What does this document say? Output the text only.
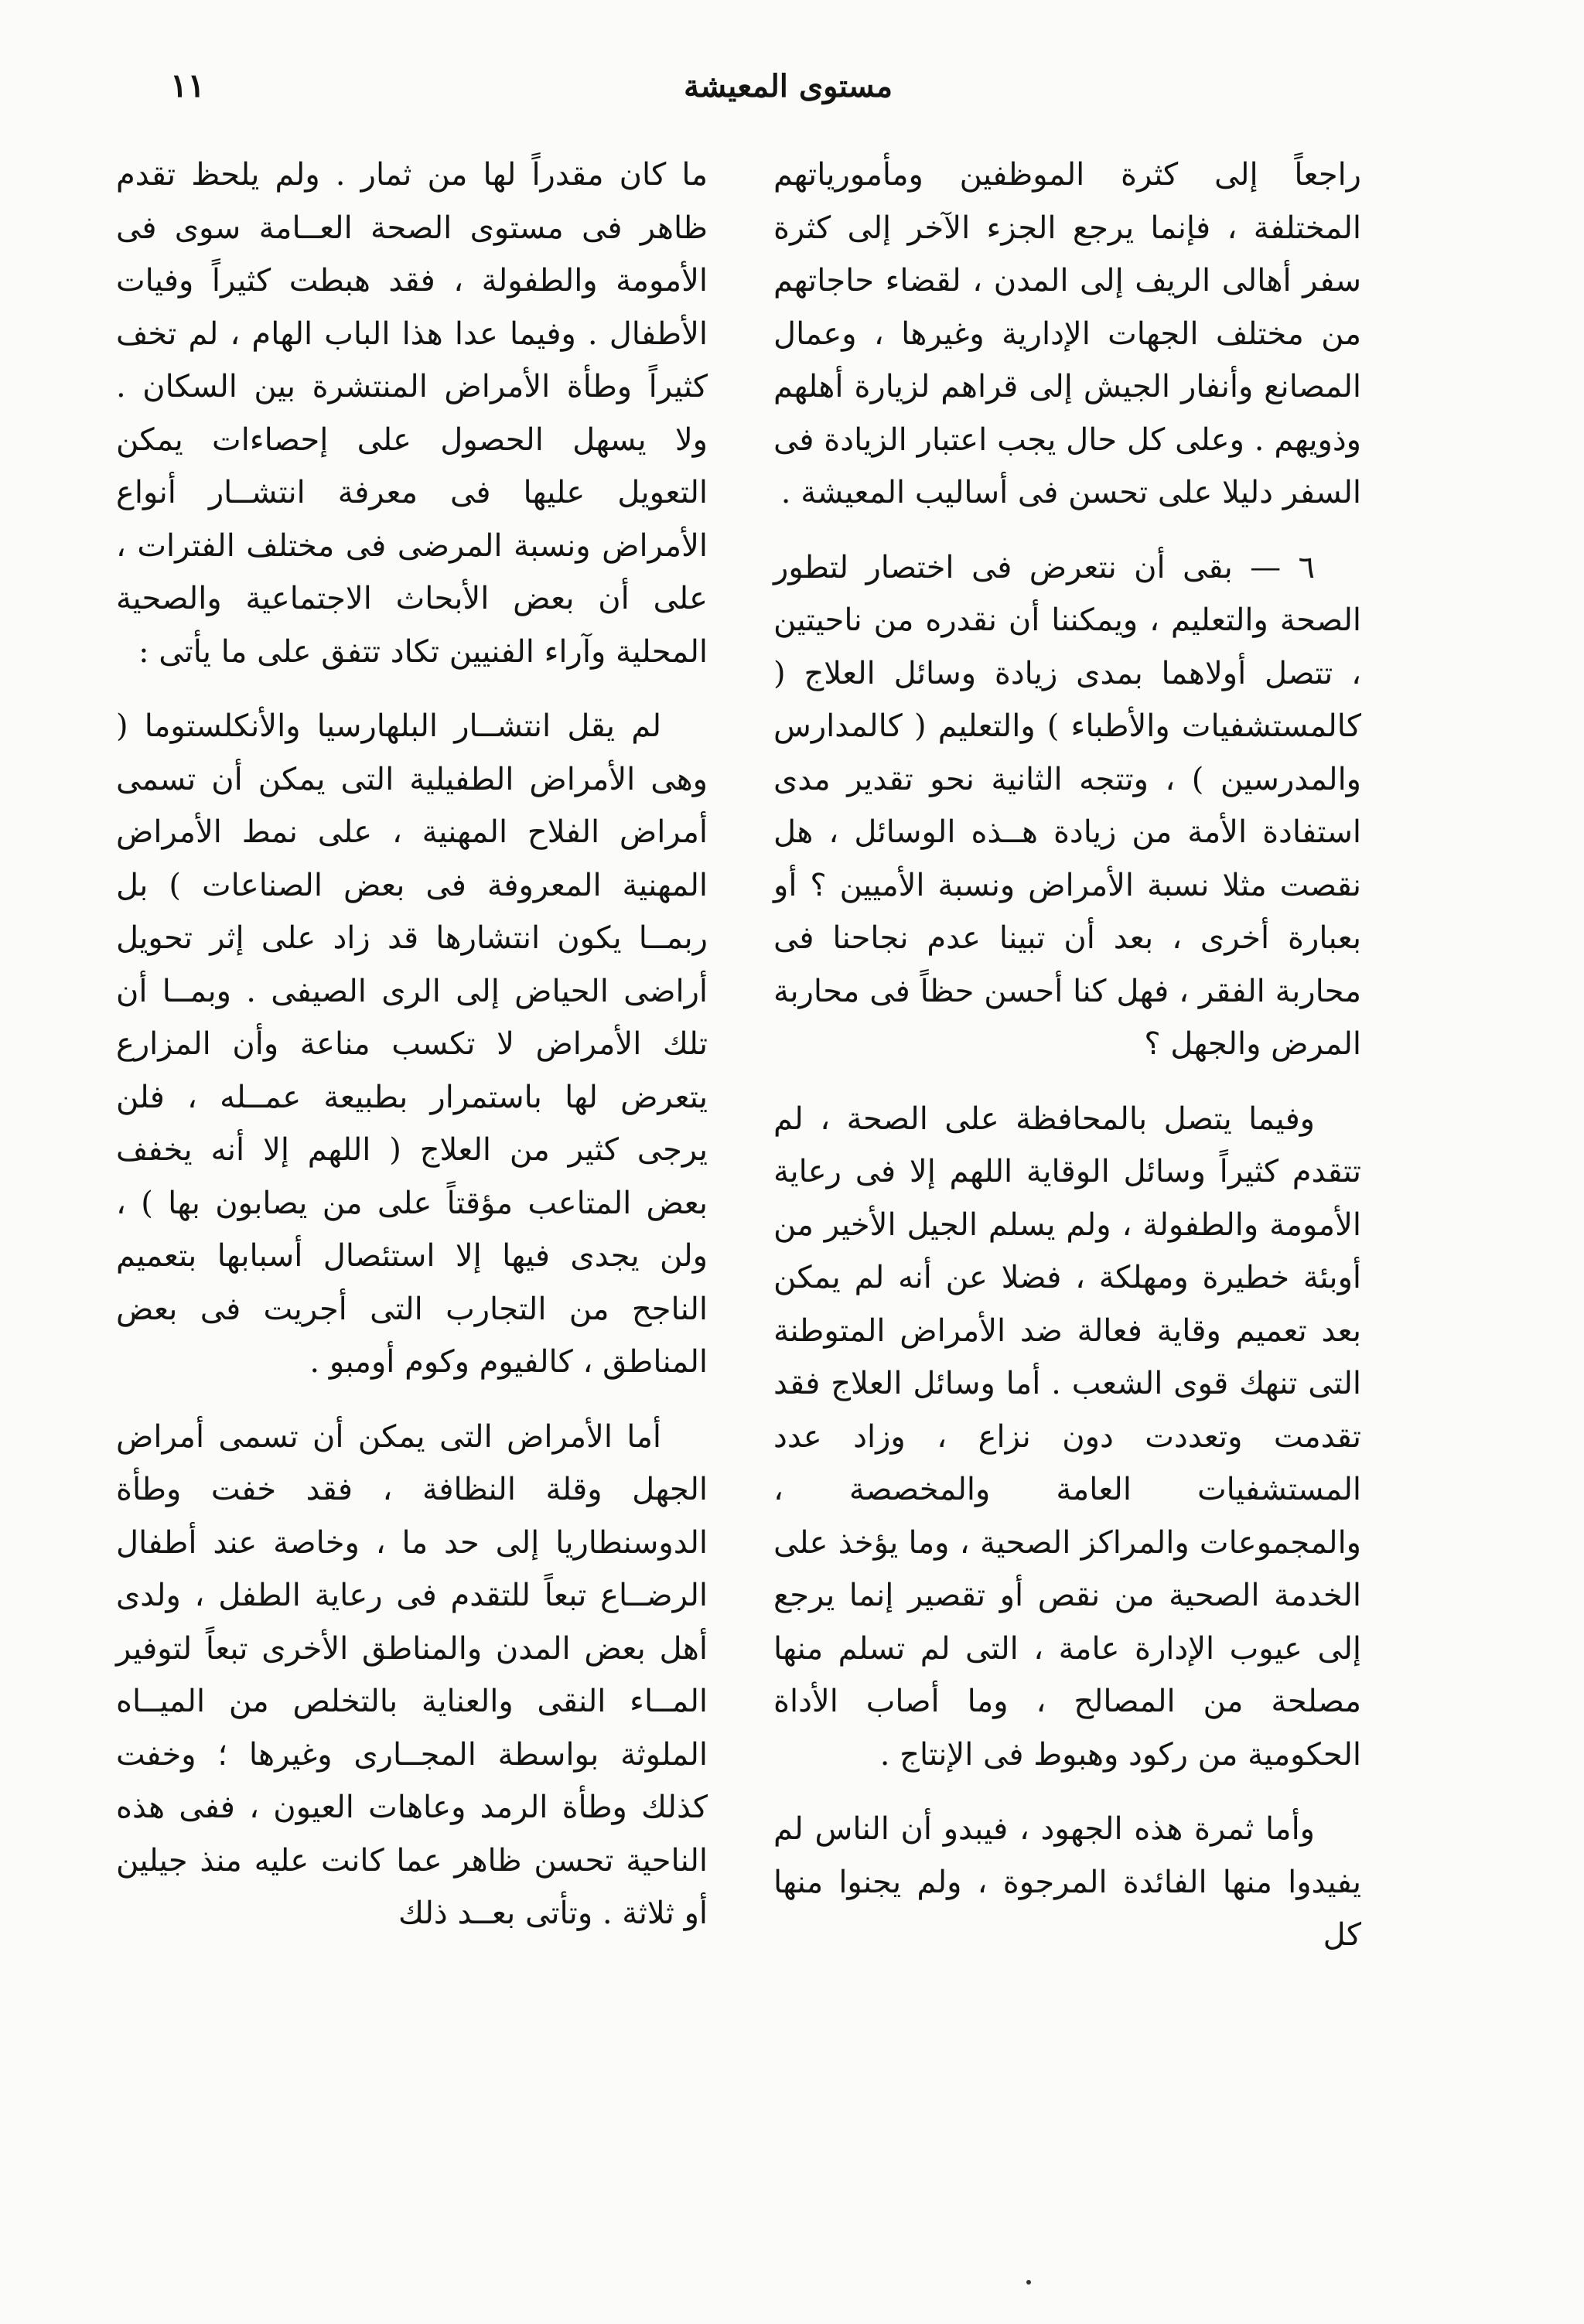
مستوى المعيشة
١١

راجعاً إلى كثرة الموظفين ومأمورياتهم المختلفة ، فإنما يرجع الجزء الآخر إلى كثرة سفر أهالى الريف إلى المدن ، لقضاء حاجاتهم من مختلف الجهات الإدارية وغيرها ، وعمال المصانع وأنفار الجيش إلى قراهم لزيارة أهلهم وذويهم . وعلى كل حال يجب اعتبار الزيادة فى السفر دليلا على تحسن فى أساليب المعيشة .

٦ — بقى أن نتعرض فى اختصار لتطور الصحة والتعليم ، ويمكننا أن نقدره من ناحيتين ، تتصل أولاهما بمدى زيادة وسائل العلاج ( كالمستشفيات والأطباء ) والتعليم ( كالمدارس والمدرسين ) ، وتتجه الثانية نحو تقدير مدى استفادة الأمة من زيادة هــذه الوسائل ، هل نقصت مثلا نسبة الأمراض ونسبة الأميين ؟ أو بعبارة أخرى ، بعد أن تبينا عدم نجاحنا فى محاربة الفقر ، فهل كنا أحسن حظاً فى محاربة المرض والجهل ؟

وفيما يتصل بالمحافظة على الصحة ، لم تتقدم كثيراً وسائل الوقاية اللهم إلا فى رعاية الأمومة والطفولة ، ولم يسلم الجيل الأخير من أوبئة خطيرة ومهلكة ، فضلا عن أنه لم يمكن بعد تعميم وقاية فعالة ضد الأمراض المتوطنة التى تنهك قوى الشعب . أما وسائل العلاج فقد تقدمت وتعددت دون نزاع ، وزاد عدد المستشفيات العامة والمخصصة ، والمجموعات والمراكز الصحية ، وما يؤخذ على الخدمة الصحية من نقص أو تقصير إنما يرجع إلى عيوب الإدارة عامة ، التى لم تسلم منها مصلحة من المصالح ، وما أصاب الأداة الحكومية من ركود وهبوط فى الإنتاج .

وأما ثمرة هذه الجهود ، فيبدو أن الناس لم يفيدوا منها الفائدة المرجوة ، ولم يجنوا منها كل

ما كان مقدراً لها من ثمار . ولم يلحظ تقدم ظاهر فى مستوى الصحة العــامة سوى فى الأمومة والطفولة ، فقد هبطت كثيراً وفيات الأطفال . وفيما عدا هذا الباب الهام ، لم تخف كثيراً وطأة الأمراض المنتشرة بين السكان . ولا يسهل الحصول على إحصاءات يمكن التعويل عليها فى معرفة انتشــار أنواع الأمراض ونسبة المرضى فى مختلف الفترات ، على أن بعض الأبحاث الاجتماعية والصحية المحلية وآراء الفنيين تكاد تتفق على ما يأتى :

لم يقل انتشــار البلهارسيا والأنكلستوما ( وهى الأمراض الطفيلية التى يمكن أن تسمى أمراض الفلاح المهنية ، على نمط الأمراض المهنية المعروفة فى بعض الصناعات ) بل ربمــا يكون انتشارها قد زاد على إثر تحويل أراضى الحياض إلى الرى الصيفى . وبمــا أن تلك الأمراض لا تكسب مناعة وأن المزارع يتعرض لها باستمرار بطبيعة عمــله ، فلن يرجى كثير من العلاج ( اللهم إلا أنه يخفف بعض المتاعب مؤقتاً على من يصابون بها ) ، ولن يجدى فيها إلا استئصال أسبابها بتعميم الناجح من التجارب التى أجريت فى بعض المناطق ، كالفيوم وكوم أومبو .

أما الأمراض التى يمكن أن تسمى أمراض الجهل وقلة النظافة ، فقد خفت وطأة الدوسنطاريا إلى حد ما ، وخاصة عند أطفال الرضــاع تبعاً للتقدم فى رعاية الطفل ، ولدى أهل بعض المدن والمناطق الأخرى تبعاً لتوفير المــاء النقى والعناية بالتخلص من الميــاه الملوثة بواسطة المجــارى وغيرها ؛ وخفت كذلك وطأة الرمد وعاهات العيون ، ففى هذه الناحية تحسن ظاهر عما كانت عليه منذ جيلين أو ثلاثة . وتأتى بعــد ذلك
